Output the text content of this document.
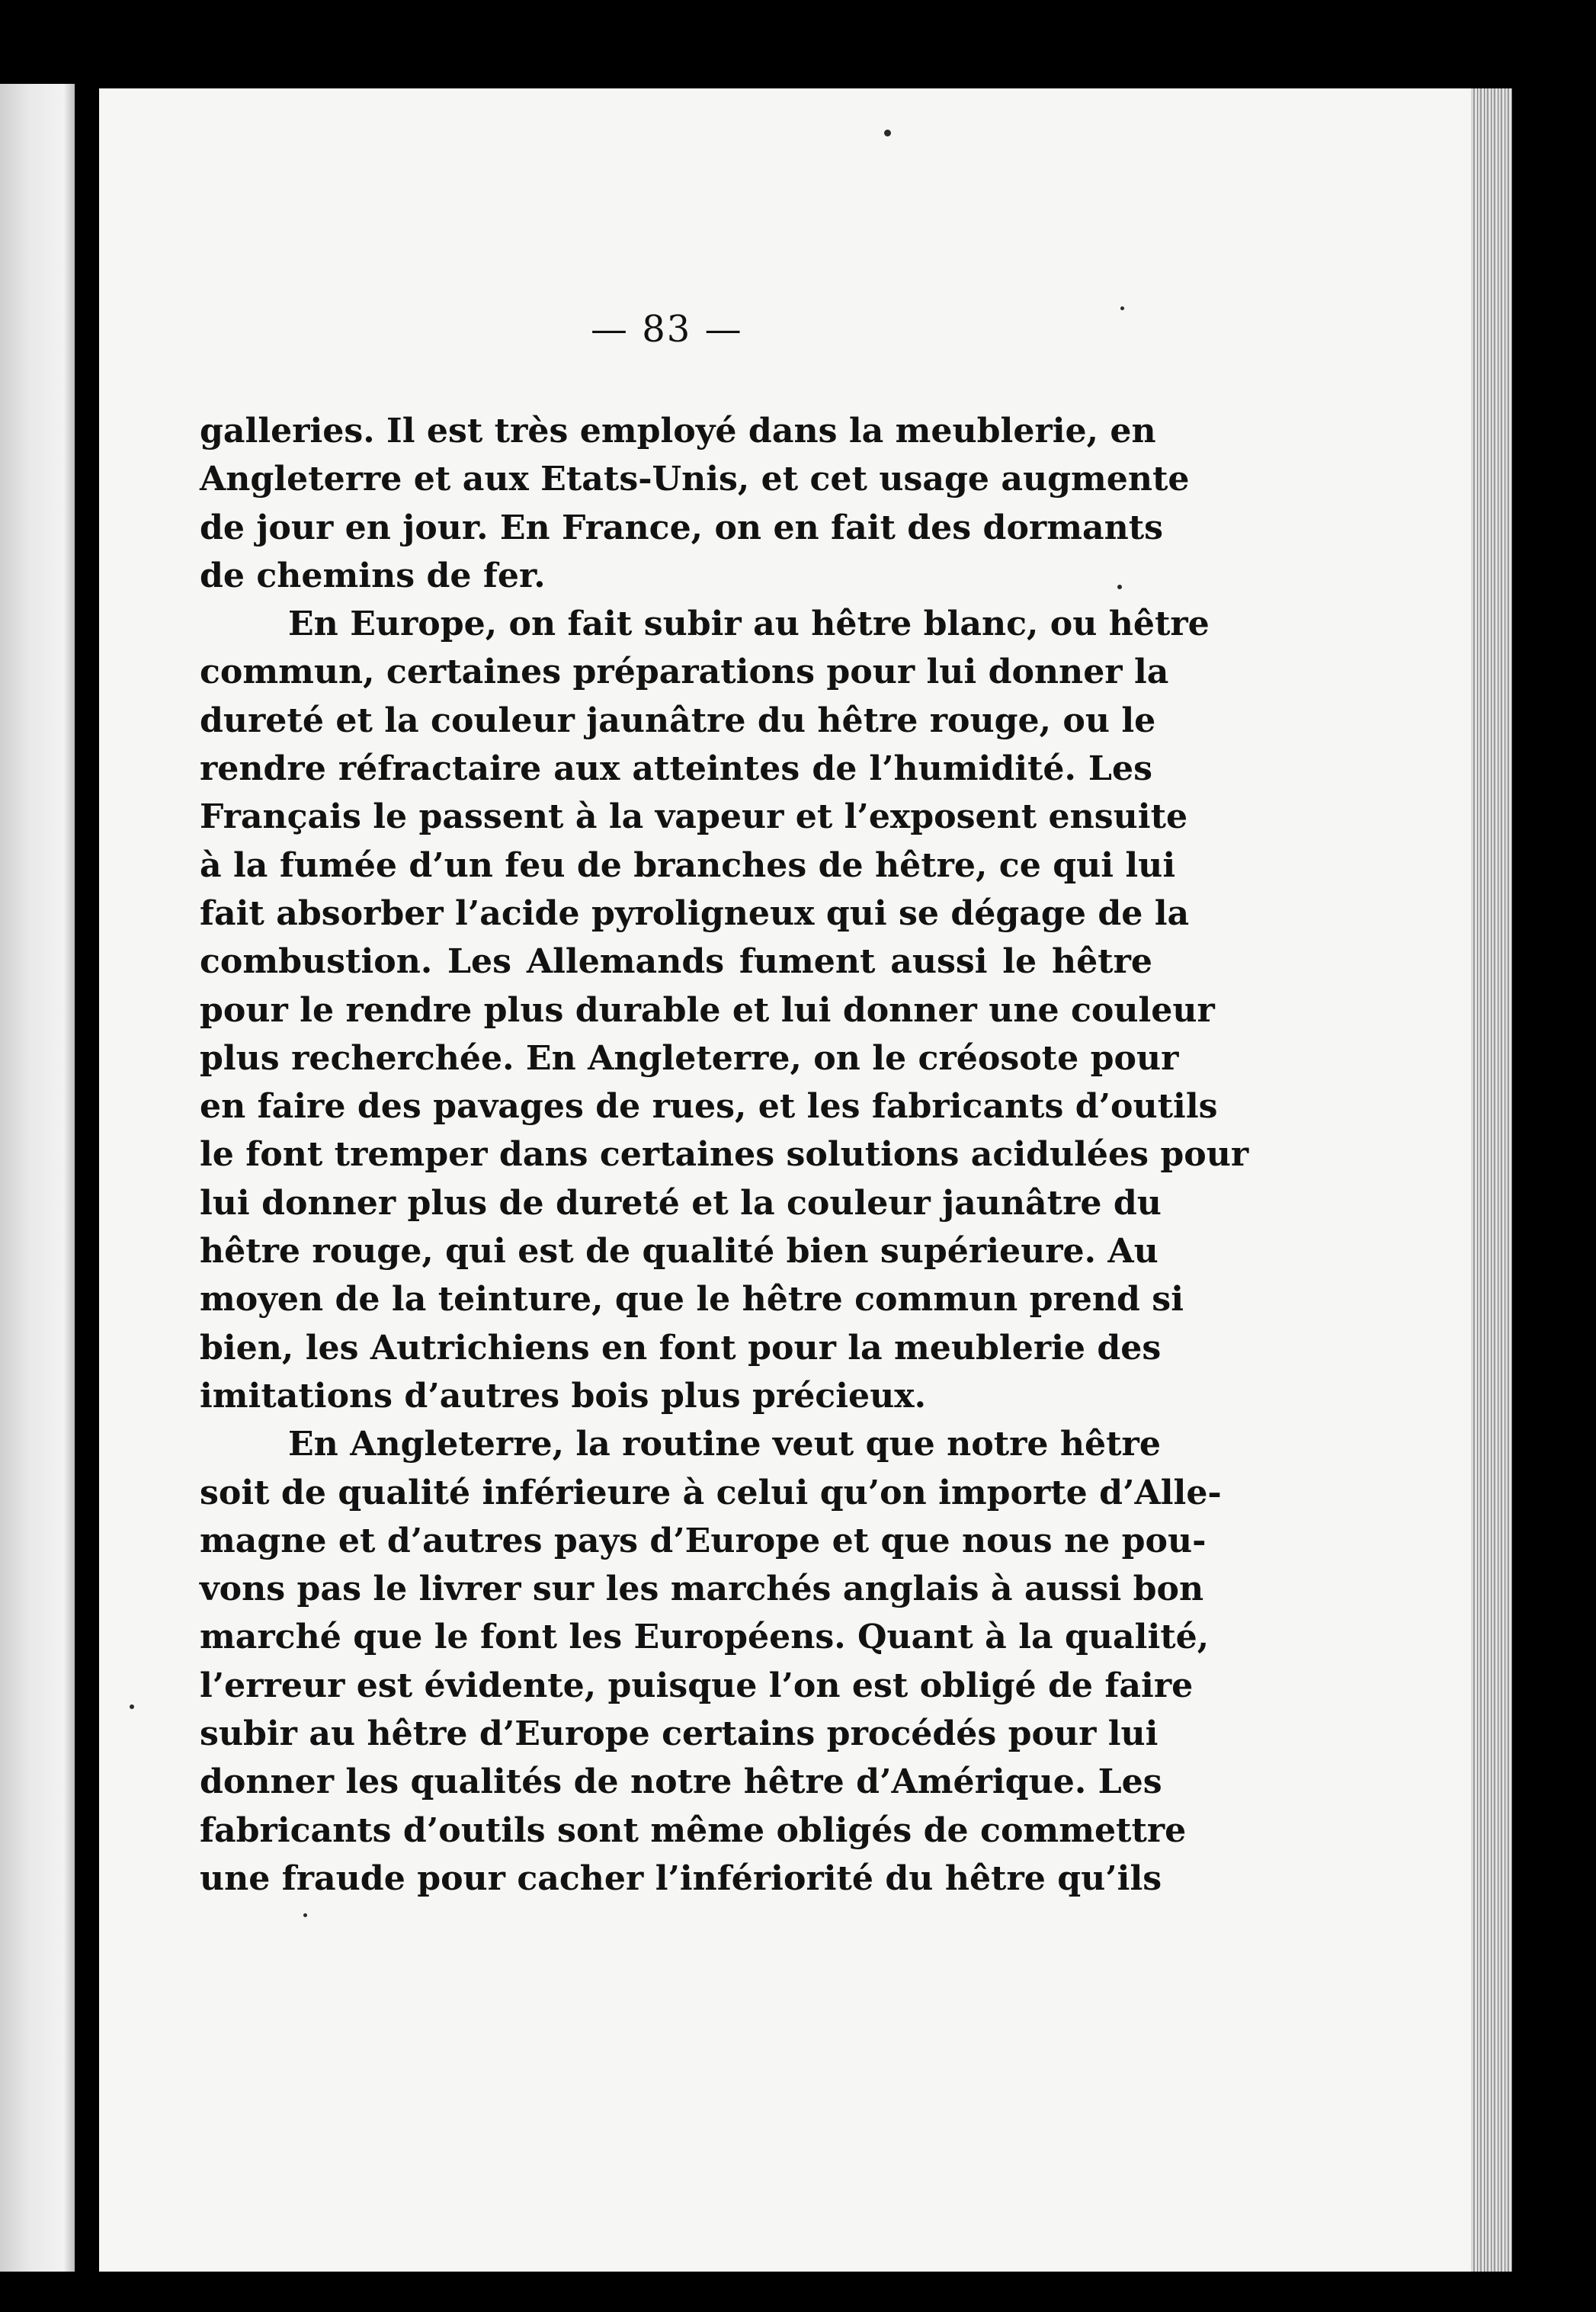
— 83 —
galleries. Il est très employé dans la meublerie, en
Angleterre et aux Etats-Unis, et cet usage augmente
de jour en jour. En France, on en fait des dormants
de chemins de fer.
En Europe, on fait subir au hêtre blanc, ou hêtre
commun, certaines préparations pour lui donner la
dureté et la couleur jaunâtre du hêtre rouge, ou le
rendre réfractaire aux atteintes de l’humidité. Les
Français le passent à la vapeur et l’exposent ensuite
à la fumée d’un feu de branches de hêtre, ce qui lui
fait absorber l’acide pyroligneux qui se dégage de la
combustion. Les Allemands fument aussi le hêtre
pour le rendre plus durable et lui donner une couleur
plus recherchée. En Angleterre, on le créosote pour
en faire des pavages de rues, et les fabricants d’outils
le font tremper dans certaines solutions acidulées pour
lui donner plus de dureté et la couleur jaunâtre du
hêtre rouge, qui est de qualité bien supérieure. Au
moyen de la teinture, que le hêtre commun prend si
bien, les Autrichiens en font pour la meublerie des
imitations d’autres bois plus précieux.
En Angleterre, la routine veut que notre hêtre
soit de qualité inférieure à celui qu’on importe d’Alle-
magne et d’autres pays d’Europe et que nous ne pou-
vons pas le livrer sur les marchés anglais à aussi bon
marché que le font les Européens. Quant à la qualité,
l’erreur est évidente, puisque l’on est obligé de faire
subir au hêtre d’Europe certains procédés pour lui
donner les qualités de notre hêtre d’Amérique. Les
fabricants d’outils sont même obligés de commettre
une fraude pour cacher l’infériorité du hêtre qu’ils
